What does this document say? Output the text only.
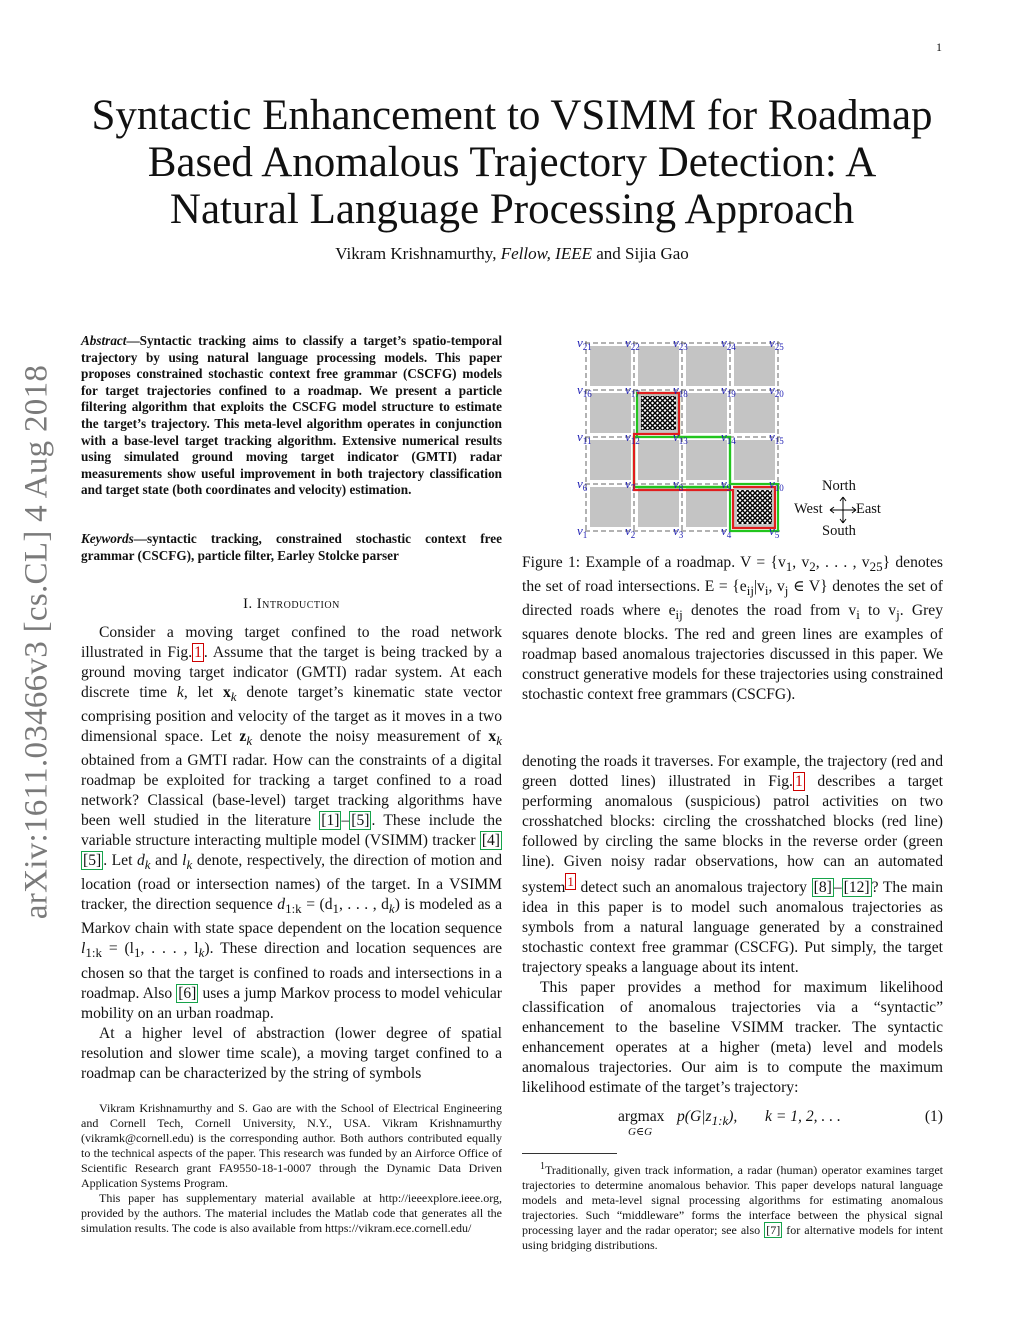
1
arXiv:1611.03466v3 [cs.CL] 4 Aug 2018
Syntactic Enhancement to VSIMM for Roadmap Based Anomalous Trajectory Detection: A Natural Language Processing Approach
Vikram Krishnamurthy, Fellow, IEEE and Sijia Gao
Abstract—Syntactic tracking aims to classify a target’s spatio-temporal trajectory by using natural language processing models. This paper proposes constrained stochastic context free grammar (CSCFG) models for target trajectories confined to a roadmap. We present a particle filtering algorithm that exploits the CSCFG model structure to estimate the target’s trajectory. This meta-level algorithm operates in conjunction with a base-level target tracking algorithm. Extensive numerical results using simulated ground moving target indicator (GMTI) radar measurements show useful improvement in both trajectory classification and target state (both coordinates and velocity) estimation.
Keywords—syntactic tracking, constrained stochastic context free grammar (CSCFG), particle filter, Earley Stolcke parser
I. Introduction

Consider a moving target confined to the road network illustrated in Fig. 1 . Assume that the target is being tracked by a ground moving target indicator (GMTI) radar system. At each discrete time k, let $x_k$ denote target’s kinematic state vector comprising position and velocity of the target as it moves in a two dimensional space. Let $z_k$ denote the noisy measurement of $x_k$ obtained from a GMTI radar. How can the constraints of a digital roadmap be exploited for tracking a target confined to a road network? Classical (base-level) target tracking algorithms have been well studied in the literature [1] – [5] . These include the variable structure interacting multiple model (VSIMM) tracker [4] [5] . Let $d_k$ and $l_k$ denote, respectively, the direction of motion and location (road or intersection names) of the target. In a VSIMM tracker, the direction sequence $d_{1:k} = (d_1$, . . . , $d_k$) is modeled as a Markov chain with state space dependent on the location sequence $l_{1:k} = (l_1$, . . . , $l_k$). These direction and location sequences are chosen so that the target is confined to roads and intersections in a roadmap. Also [6] uses a jump Markov process to model vehicular mobility on an urban roadmap.

At a higher level of abstraction (lower degree of spatial resolution and slower time scale), a moving target confined to a roadmap can be characterized by the string of symbols

Vikram Krishnamurthy and S. Gao are with the School of Electrical Engineering and Cornell Tech, Cornell University, N.Y., USA. Vikram Krishnamurthy (vikramk@cornell.edu) is the corresponding author. Both authors contributed equally to the technical aspects of the paper. This research was funded by an Airforce Office of Scientific Research grant FA9550-18-1-0007 through the Dynamic Data Driven Application Systems Program.

This paper has supplementary material available at http://ieeexplore.ieee.org, provided by the authors. The material includes the Matlab code that generates all the simulation results. The code is also available from https://vikram.ece.cornell.edu/

$v_1$	$v_2$	$v_3$	$v_4$	$v_5$
$v_6$	$v_7$	$v_8$	$v_9$	$v_{10}$
$v_{11}$	$v_{12}$	$v_{13}$	$v_{14}$	$v_{15}$
$v_{16}$	$v_{17}$	$v_{18}$	$v_{19}$	$v_{20}$
$v_{21}$	$v_{22}$	$v_{23}$	$v_{24}$	$v_{25}$
North
West East
South

Figure 1: Example of a roadmap. $V = \{v_1$, $v_2$, . . . , $v_{25}$} denotes the set of road intersections. $E = \{e_{ij}|v_i$, $v_j$ ∈ V} denotes the set of directed roads where $e_{ij}$ denotes the road from $v_i$ to $v_j$. Grey squares denote blocks. The red and green lines are examples of roadmap based anomalous trajectories discussed in this paper. We construct generative models for these trajectories using constrained stochastic context free grammars (CSCFG).

denoting the roads it traverses. For example, the trajectory (red and green dotted lines) illustrated in Fig. 1 describes a target performing anomalous (suspicious) patrol activities on two crosshatched blocks: circling the crosshatched blocks (red line) followed by circling the same blocks in the reverse order (green line). Given noisy radar observations, how can an automated system $^1$ detect such an anomalous trajectory [8] – [12] ? The main idea in this paper is to model such anomalous trajectories as symbols from a natural language generated by a constrained stochastic context free grammar (CSCFG). Put simply, the target trajectory speaks a language about its intent.

This paper provides a method for maximum likelihood classification of anomalous trajectories via a “syntactic” enhancement to the baseline VSIMM tracker. The syntactic enhancement operates at a higher (meta) level and models anomalous trajectories. Our aim is to compute the maximum likelihood estimate of the target’s trajectory:

argmax
G∈G
$p(G|z_{1:k})$, k = 1, 2, . . .	(1)

$^1$Traditionally, given track information, a radar (human) operator examines target trajectories to determine anomalous behavior. This paper develops natural language models and meta-level signal processing algorithms for estimating anomalous trajectories. Such “middleware” forms the interface between the physical signal processing layer and the radar operator; see also [7] for alternative models for intent using bridging distributions.
